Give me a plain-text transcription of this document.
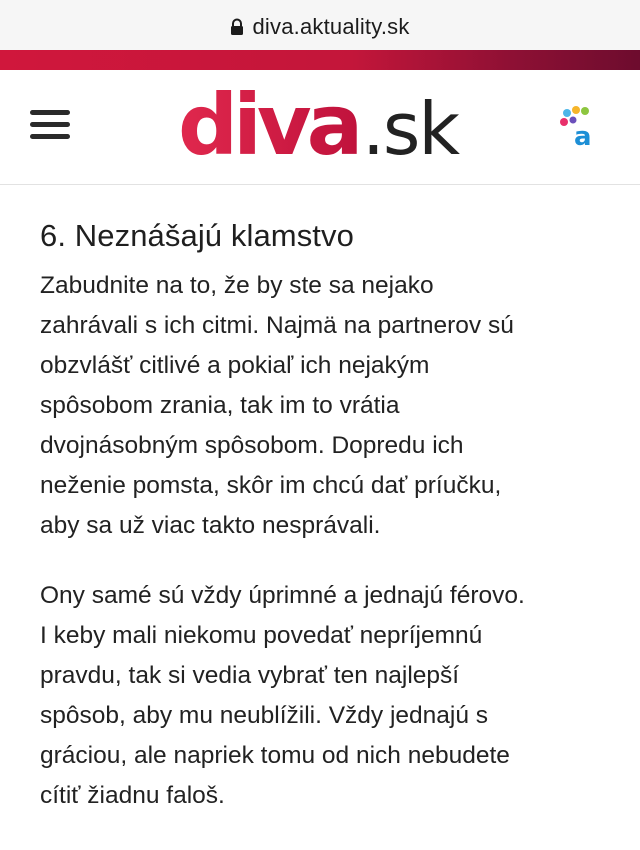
diva.aktuality.sk
diva .sk	a
6. Neznášajú klamstvo

Zabudnite na to, že by ste sa nejako
zahrávali s ich citmi. Najmä na partnerov sú
obzvlášť citlivé a pokiaľ ich nejakým
spôsobom zrania, tak im to vrátia
dvojnásobným spôsobom. Dopredu ich
neženie pomsta, skôr im chcú dať príučku,
aby sa už viac takto nesprávali.

Ony samé sú vždy úprimné a jednajú férovo.
I keby mali niekomu povedať nepríjemnú
pravdu, tak si vedia vybrať ten najlepší
spôsob, aby mu neublížili. Vždy jednajú s
gráciou, ale napriek tomu od nich nebudete
cítiť žiadnu faloš.
